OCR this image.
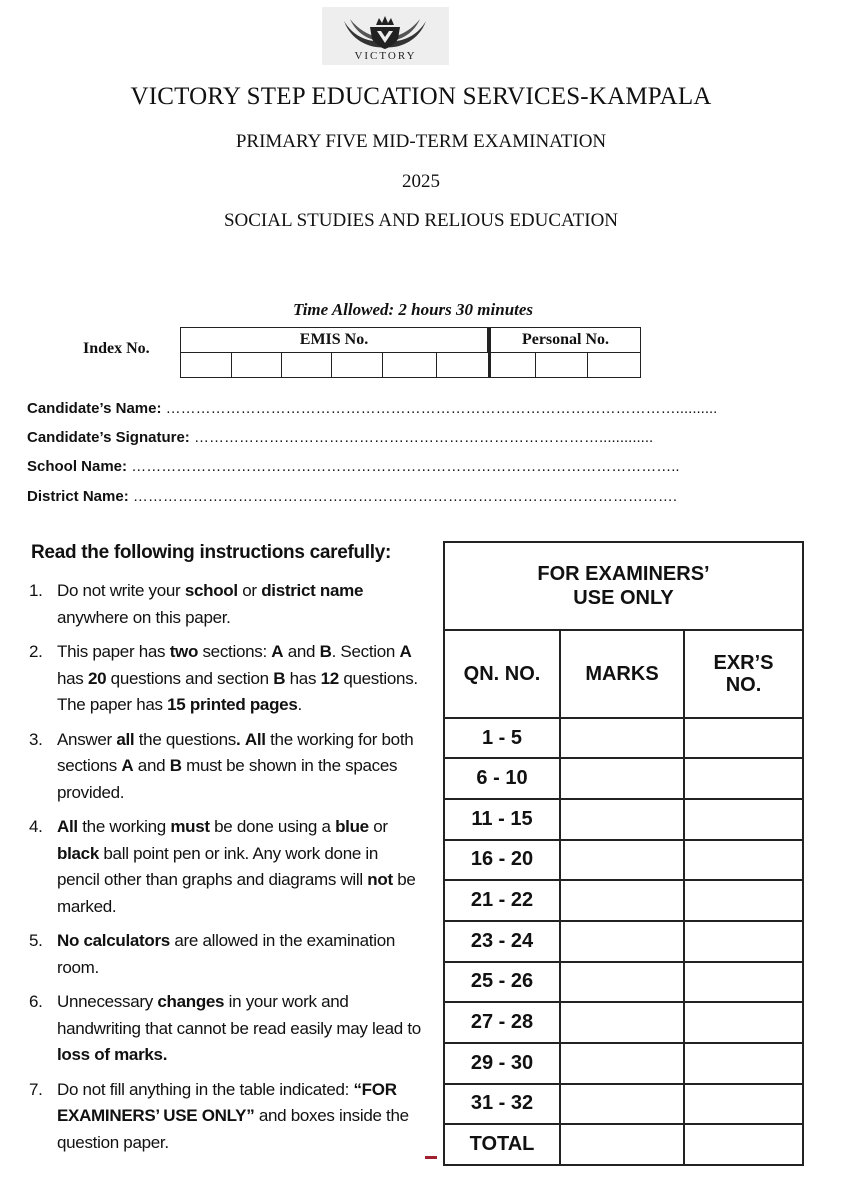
VICTORY
VICTORY STEP EDUCATION SERVICES-KAMPALA
PRIMARY FIVE MID-TERM EXAMINATION
2025
SOCIAL STUDIES AND RELIOUS EDUCATION
Time Allowed: 2 hours 30 minutes
Index No.
EMIS No.	Personal No.
Candidate’s Name: …………………………………………………………………………………………..........
Candidate’s Signature: ……………………………………………………………………….............
School Name: ………………………………………………………………………………………………..
District Name: ……………………………………………………………………………………………….
Read the following instructions carefully:
1. Do not write your school or district name anywhere on this paper.
2. This paper has two sections: A and B. Section A has 20 questions and section B has 12 questions. The paper has 15 printed pages.
3. Answer all the questions. All the working for both sections A and B must be shown in the spaces provided.
4. All the working must be done using a blue or black ball point pen or ink. Any work done in pencil other than graphs and diagrams will not be marked.
5. No calculators are allowed in the examination room.
6. Unnecessary changes in your work and handwriting that cannot be read easily may lead to loss of marks.
7. Do not fill anything in the table indicated: “FOR EXAMINERS’ USE ONLY” and boxes inside the question paper.
FOR EXAMINERS’ USE ONLY		

QN. NO.	MARKS	EXR’S NO.

1 - 5		
6 - 10		
11 - 15		
16 - 20		
21 - 22		
23 - 24		
25 - 26		
27 - 28		
29 - 30		
31 - 32		
TOTAL		
